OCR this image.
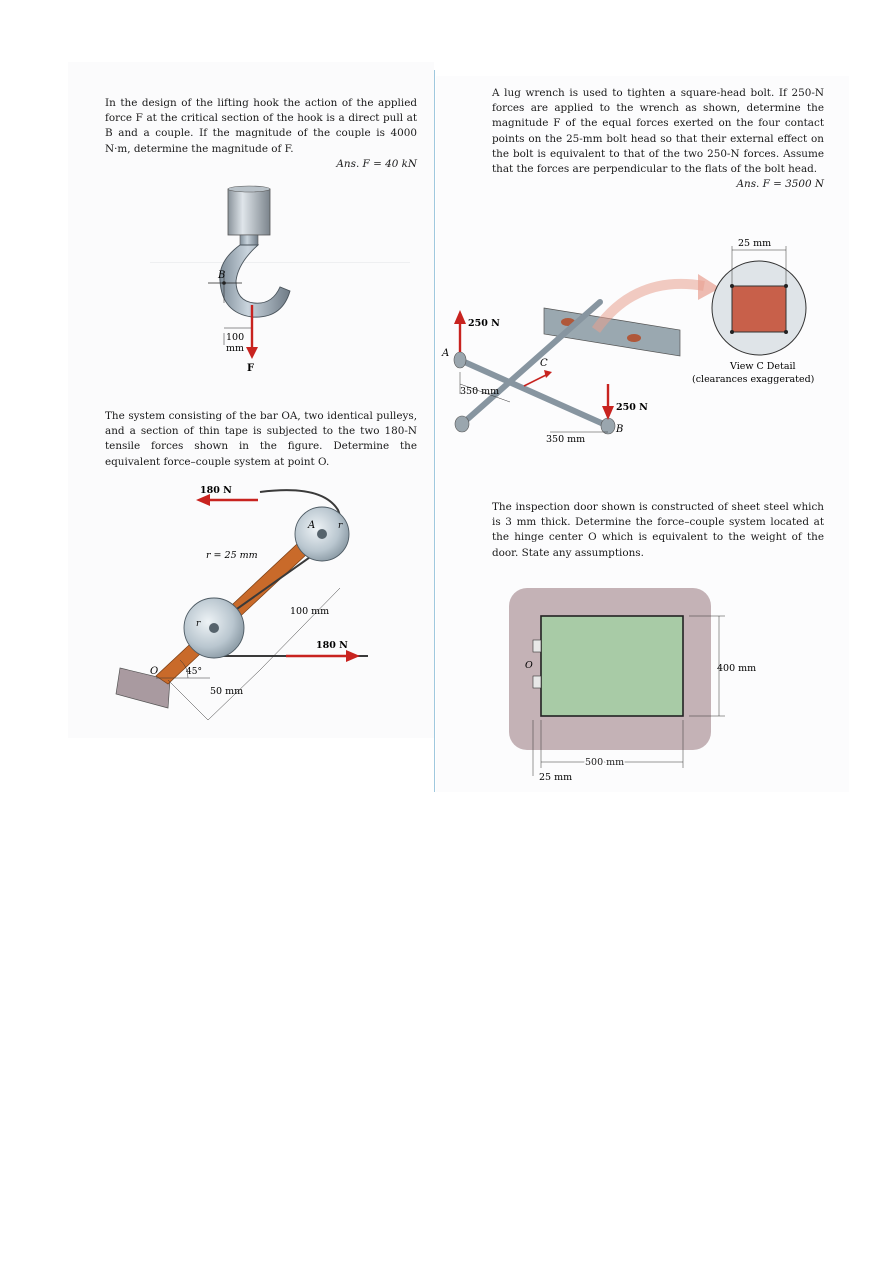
In the design of the lifting hook the action of the applied force F at the critical section of the hook is a direct pull at B and a couple. If the magnitude of the couple is 4000 N·m, determine the magnitude of F.
Ans. F = 40 kN

B
100
mm
F

The system consisting of the bar OA, two identical pulleys, and a section of thin tape is subjected to the two 180-N tensile forces shown in the figure. Determine the equivalent force–couple system at point O.

180 N
180 N
r = 25 mm
A	r
r
O
100 mm
50 mm
45°

A lug wrench is used to tighten a square-head bolt. If 250-N forces are applied to the wrench as shown, determine the magnitude F of the equal forces exerted on the four contact points on the 25-mm bolt head so that their external effect on the bolt is equivalent to that of the two 250-N forces. Assume that the forces are perpendicular to the flats of the bolt head.
Ans. F = 3500 N

C
250 N
A
250 N
B
350 mm
350 mm
25 mm
View C Detail
(clearances exaggerated)

The inspection door shown is constructed of sheet steel which is 3 mm thick. Determine the force–couple system located at the hinge center O which is equivalent to the weight of the door. State any assumptions.

O	400 mm
500 mm
25 mm
